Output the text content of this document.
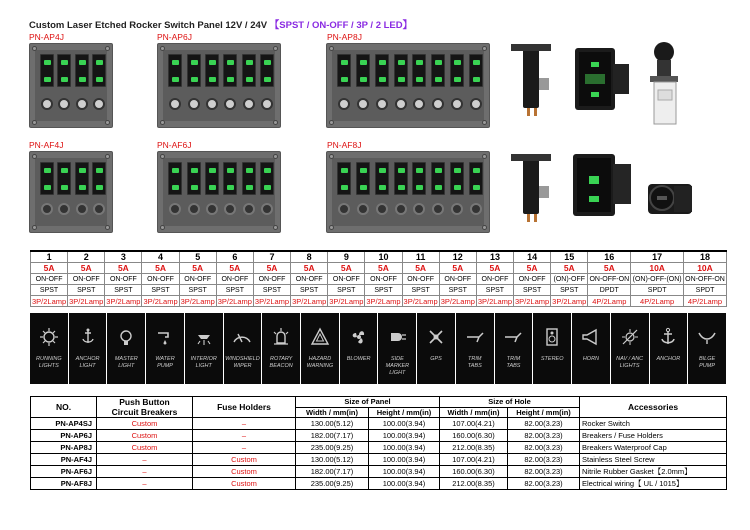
Custom Laser Etched Rocker Switch Panel 12V / 24V 【SPST / ON-OFF / 3P / 2 LED】
PN-AP4J	PN-AP6J	PN-AP8J
PN-AF4J	PN-AF6J	PN-AF8J
1	2	3	4	5	6	7	8	9	10	11	12	13	14	15	16	17	18
5A	5A	5A	5A	5A	5A	5A	5A	5A	5A	5A	5A	5A	5A	5A	5A	10A	10A
ON-OFF	ON-OFF	ON-OFF	ON-OFF	ON-OFF	ON-OFF	ON-OFF	ON-OFF	ON-OFF	ON-OFF	ON-OFF	ON-OFF	ON-OFF	ON-OFF	(ON)-OFF	ON-OFF-ON	(ON)-OFF-(ON)	ON-OFF-ON
SPST	SPST	SPST	SPST	SPST	SPST	SPST	SPST	SPST	SPST	SPST	SPST	SPST	SPST	SPST	DPDT	SPDT	SPDT
3P/2Lamp	3P/2Lamp	3P/2Lamp	3P/2Lamp	3P/2Lamp	3P/2Lamp	3P/2Lamp	3P/2Lamp	3P/2Lamp	3P/2Lamp	3P/2Lamp	3P/2Lamp	3P/2Lamp	3P/2Lamp	3P/2Lamp	4P/2Lamp	4P/2Lamp	4P/2Lamp
RUNNING
LIGHTS
ANCHOR
LIGHT
MASTER
LIGHT
WATER
PUMP
INTERIOR
LIGHT
WINDSHIELD
WIPER
ROTARY
BEACON
HAZARD
WARNING
BLOWER	SIDE MARKER
LIGHT
GPS	TRIM
TABS
TRIM
TABS
STEREO	HORN	NAV / ANC
LIGHTS
ANCHOR	BILGE
PUMP
NO.	Push Button
Circuit Breakers	Fuse Holders	Size of Panel		Size of Hole		Accessories
			Width / mm(in)	Height / mm(in)	Width / mm(in)	Height / mm(in)	
PN-AP4SJ	Custom	–	130.00(5.12)	100.00(3.94)	107.00(4.21)	82.00(3.23)	Rocker Switch
PN-AP6J	Custom	–	182.00(7.17)	100.00(3.94)	160.00(6.30)	82.00(3.23)	Breakers / Fuse Holders
PN-AP8J	Custom	–	235.00(9.25)	100.00(3.94)	212.00(8.35)	82.00(3.23)	Breakers Waterproof Cap
PN-AF4J	–	Custom	130.00(5.12)	100.00(3.94)	107.00(4.21)	82.00(3.23)	Stainless Steel Screw
PN-AF6J	–	Custom	182.00(7.17)	100.00(3.94)	160.00(6.30)	82.00(3.23)	Nitrile Rubber Gasket【2.0mm】
PN-AF8J	–	Custom	235.00(9.25)	100.00(3.94)	212.00(8.35)	82.00(3.23)	Electrical wiring【 UL / 1015】
